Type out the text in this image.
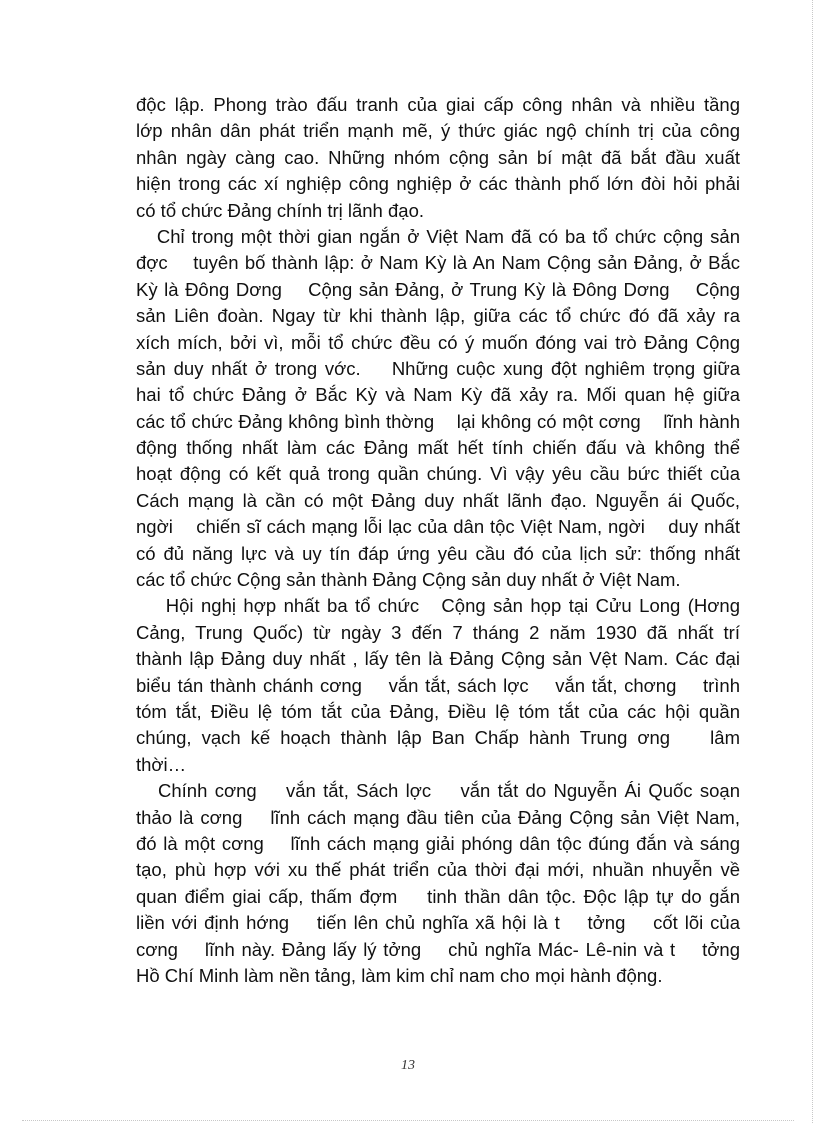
độc lập. Phong trào đấu tranh của giai cấp công nhân và nhiều tầng
lớp nhân dân phát triển mạnh mẽ, ý thức giác ngộ chính trị của công
nhân ngày càng cao. Những nhóm cộng sản bí mật đã bắt đầu xuất
hiện trong các xí nghiệp công nghiệp ở các thành phố lớn đòi hỏi phải
có tổ chức Đảng chính trị lãnh đạo.
Chỉ trong một thời gian ngắn ở Việt Nam đã có ba tổ chức cộng sản
đợc    tuyên bố thành lập: ở Nam Kỳ là An Nam Cộng sản Đảng, ở Bắc
Kỳ là Đông Dơng    Cộng sản Đảng, ở Trung Kỳ là Đông Dơng    Cộng
sản Liên đoàn. Ngay từ khi thành lập, giữa các tổ chức đó đã xảy ra
xích mích, bởi vì, mỗi tổ chức đều có ý muốn đóng vai trò Đảng Cộng
sản duy nhất ở trong vớc.    Những cuộc xung đột nghiêm trọng giữa
hai tổ chức Đảng ở Bắc Kỳ và Nam Kỳ đã xảy ra. Mối quan hệ giữa
các tổ chức Đảng không bình thờng    lại không có một cơng    lĩnh hành
động thống nhất làm các Đảng mất hết tính chiến đấu và không thể
hoạt động có kết quả trong quần chúng. Vì vậy yêu cầu bức thiết của
Cách mạng là cần có một Đảng duy nhất lãnh đạo. Nguyễn ái Quốc,
ngời    chiến sĩ cách mạng lỗi lạc của dân tộc Việt Nam, ngời    duy nhất
có đủ năng lực và uy tín đáp ứng yêu cầu đó của lịch sử: thống nhất
các tổ chức Cộng sản thành Đảng Cộng sản duy nhất ở Việt Nam.
Hội nghị hợp nhất ba tổ chức   Cộng sản họp tại Cửu Long (Hơng
Cảng, Trung Quốc) từ ngày 3 đến 7 tháng 2 năm 1930 đã nhất trí
thành lập Đảng duy nhất , lấy tên là Đảng Cộng sản Vệt Nam. Các đại
biểu tán thành chánh cơng    vắn tắt, sách lợc    vắn tắt, chơng    trình
tóm tắt, Điều lệ tóm tắt của Đảng, Điều lệ tóm tắt của các hội quần
chúng, vạch kế hoạch thành lập Ban Chấp hành Trung ơng    lâm
thời…
Chính cơng    vắn tắt, Sách lợc    vắn tắt do Nguyễn Ái Quốc soạn
thảo là cơng    lĩnh cách mạng đầu tiên của Đảng Cộng sản Việt Nam,
đó là một cơng    lĩnh cách mạng giải phóng dân tộc đúng đắn và sáng
tạo, phù hợp với xu thế phát triển của thời đại mới, nhuần nhuyễn về
quan điểm giai cấp, thấm đợm    tinh thần dân tộc. Độc lập tự do gắn
liền với định hớng    tiến lên chủ nghĩa xã hội là t    tởng    cốt lõi của
cơng    lĩnh này. Đảng lấy lý tởng    chủ nghĩa Mác- Lê-nin và t    tởng
Hồ Chí Minh làm nền tảng, làm kim chỉ nam cho mọi hành động.
13
